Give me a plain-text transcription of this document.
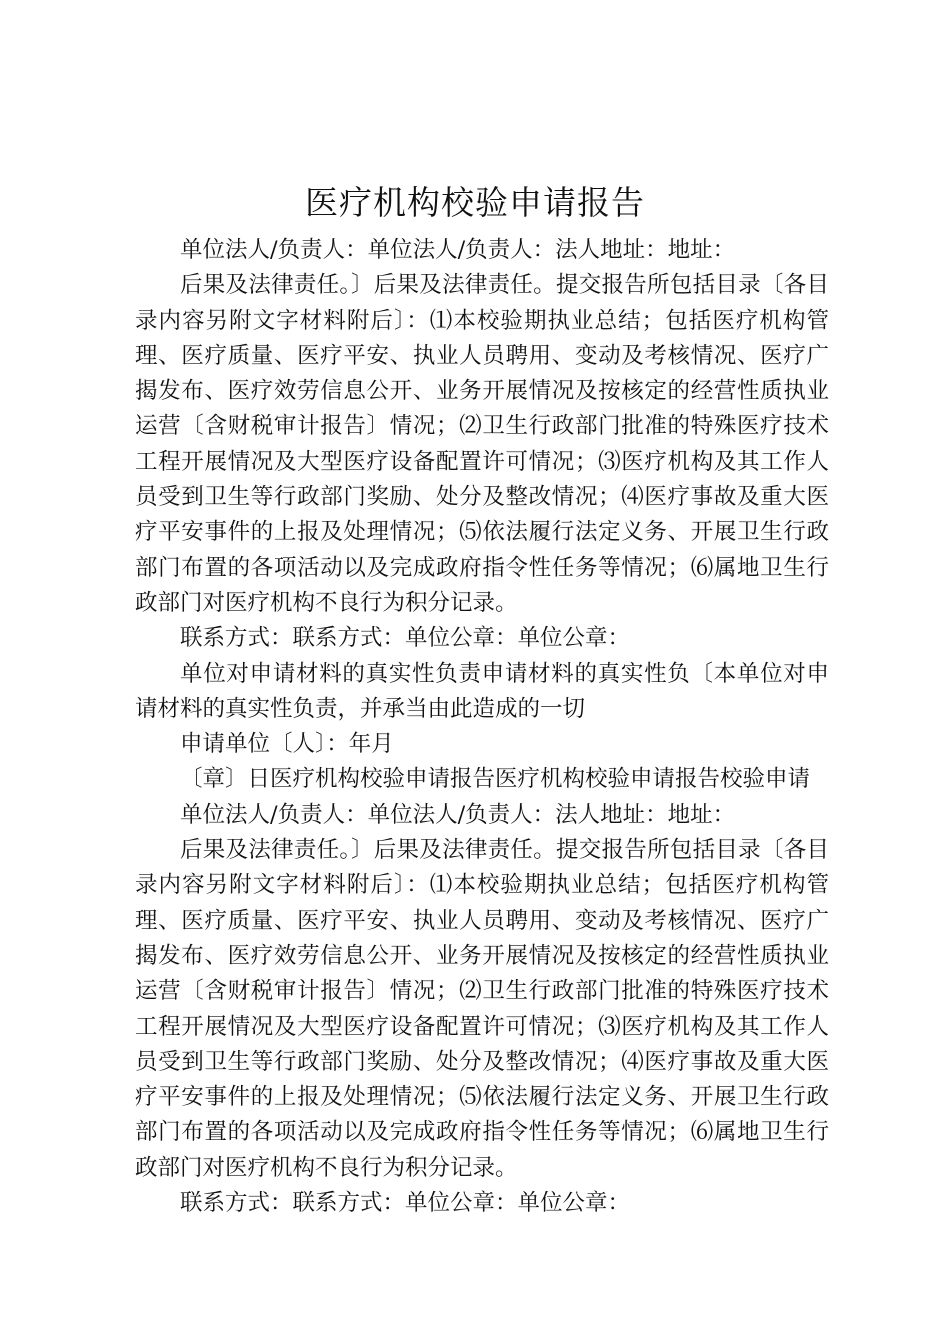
医疗机构校验申请报告

单位法人/负责人：单位法人/负责人：法人地址：地址：

后果及法律责任。〕后果及法律责任。提交报告所包括目录〔各目录内容另附文字材料附后〕：⑴本校验期执业总结；包括医疗机构管理、医疗质量、医疗平安、执业人员聘用、变动及考核情况、医疗广揭发布、医疗效劳信息公开、业务开展情况及按核定的经营性质执业运营〔含财税审计报告〕情况；⑵卫生行政部门批准的特殊医疗技术工程开展情况及大型医疗设备配置许可情况；⑶医疗机构及其工作人员受到卫生等行政部门奖励、处分及整改情况；⑷医疗事故及重大医疗平安事件的上报及处理情况；⑸依法履行法定义务、开展卫生行政部门布置的各项活动以及完成政府指令性任务等情况；⑹属地卫生行政部门对医疗机构不良行为积分记录。

联系方式：联系方式：单位公章：单位公章：

单位对申请材料的真实性负责申请材料的真实性负〔本单位对申请材料的真实性负责，并承当由此造成的一切

申请单位〔人〕：年月

〔章〕日医疗机构校验申请报告医疗机构校验申请报告校验申请

单位法人/负责人：单位法人/负责人：法人地址：地址：

后果及法律责任。〕后果及法律责任。提交报告所包括目录〔各目录内容另附文字材料附后〕：⑴本校验期执业总结；包括医疗机构管理、医疗质量、医疗平安、执业人员聘用、变动及考核情况、医疗广揭发布、医疗效劳信息公开、业务开展情况及按核定的经营性质执业运营〔含财税审计报告〕情况；⑵卫生行政部门批准的特殊医疗技术工程开展情况及大型医疗设备配置许可情况；⑶医疗机构及其工作人员受到卫生等行政部门奖励、处分及整改情况；⑷医疗事故及重大医疗平安事件的上报及处理情况；⑸依法履行法定义务、开展卫生行政部门布置的各项活动以及完成政府指令性任务等情况；⑹属地卫生行政部门对医疗机构不良行为积分记录。

联系方式：联系方式：单位公章：单位公章：
